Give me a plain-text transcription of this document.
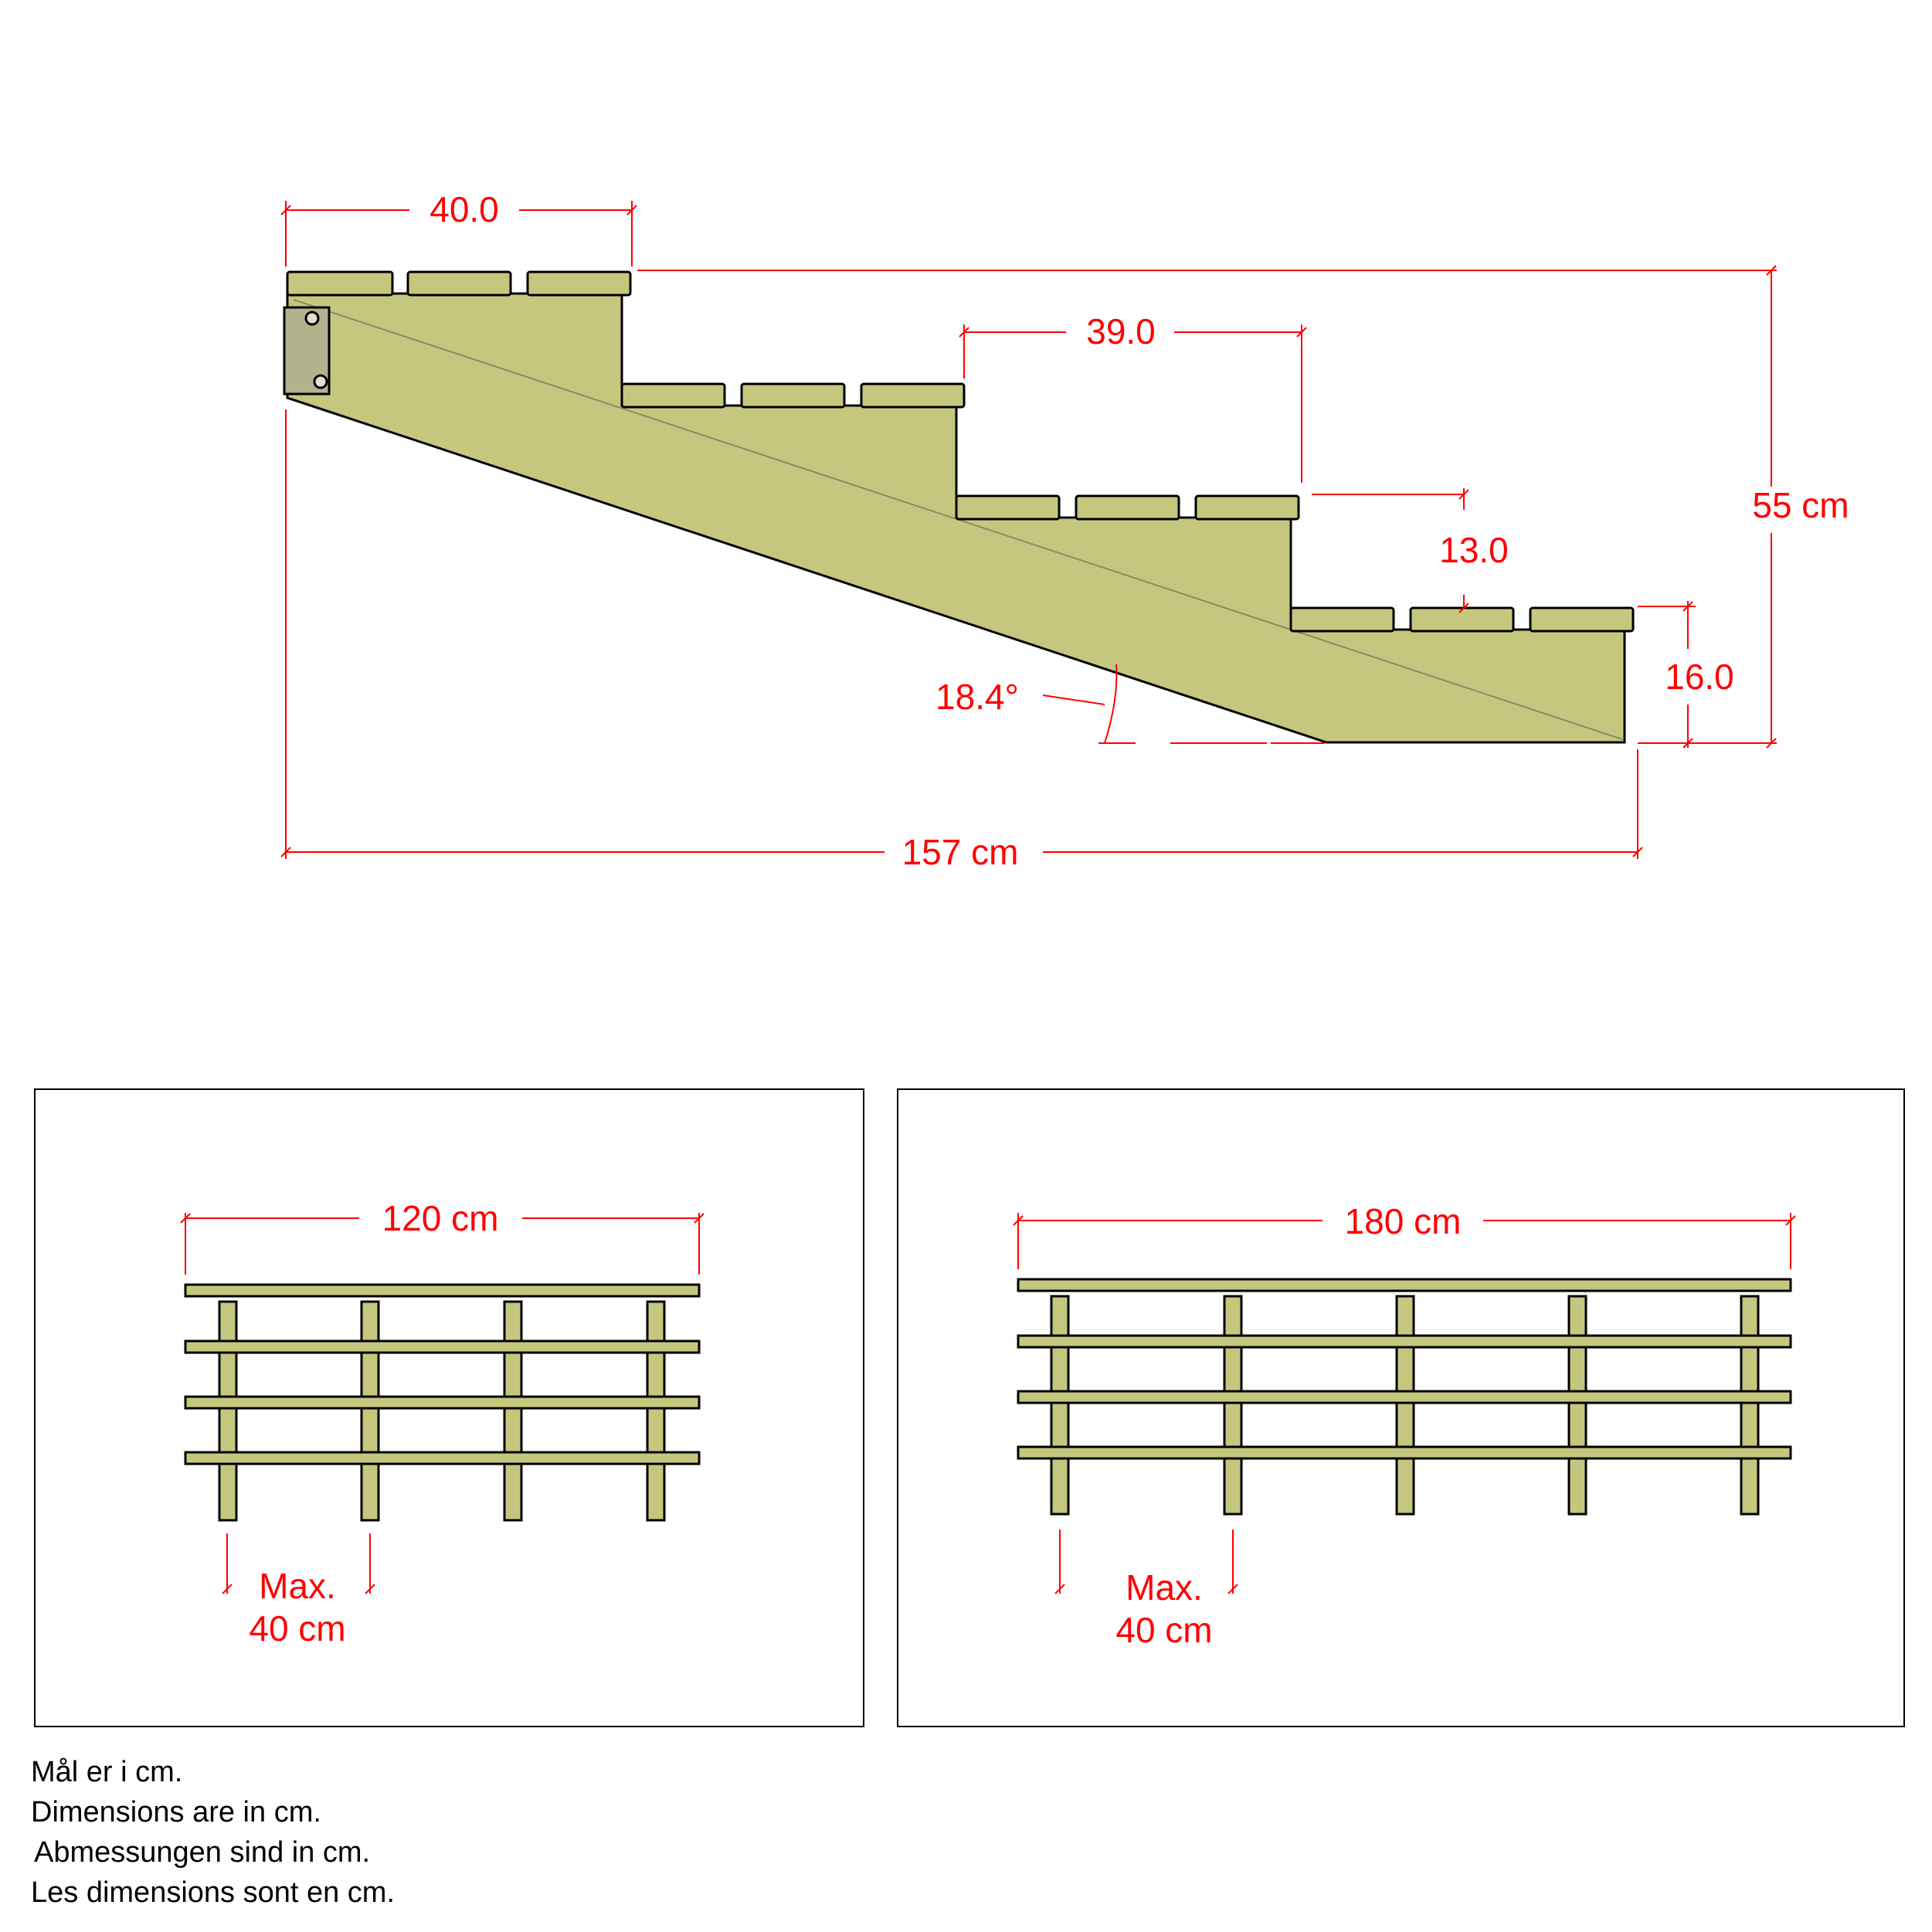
40.0
39.0
55 cm
13.0
16.0
18.4°
157 cm
120 cm
Max.
40 cm
180 cm
Max.
40 cm
Mål er i cm.
Dimensions are in cm.
Abmessungen sind in cm.
Les dimensions sont en cm.
